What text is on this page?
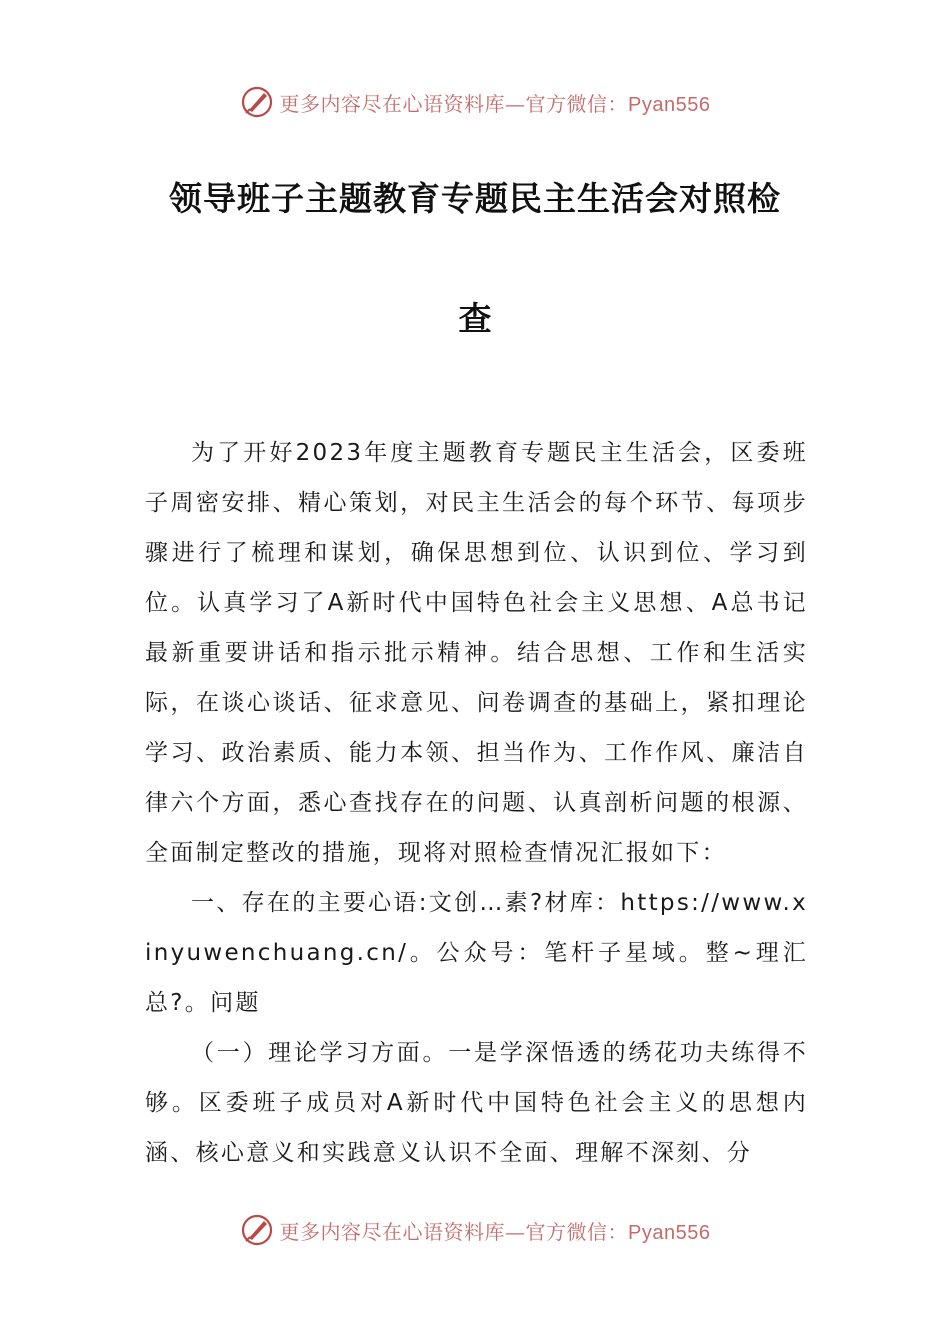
更多内容尽在心语资料库—官方微信：Pyan556
领导班子主题教育专题民主生活会对照检
查

为了开好2023年度主题教育专题民主生活会，区委班子周密安排、精心策划，对民主生活会的每个环节、每项步骤进行了梳理和谋划，确保思想到位、认识到位、学习到位。认真学习了A新时代中国特色社会主义思想、A总书记最新重要讲话和指示批示精神。结合思想、工作和生活实际，在谈心谈话、征求意见、问卷调查的基础上，紧扣理论学习、政治素质、能力本领、担当作为、工作作风、廉洁自律六个方面，悉心查找存在的问题、认真剖析问题的根源、全面制定整改的措施，现将对照检查情况汇报如下：

一、存在的主要心语:文创…素?材库：https://www.xinyuwenchuang.cn/。公众号：笔杆子星域。整~理汇总?。问题

（一）理论学习方面。一是学深悟透的绣花功夫练得不够。区委班子成员对A新时代中国特色社会主义的思想内涵、核心意义和实践意义认识不全面、理解不深刻、分

更多内容尽在心语资料库—官方微信：Pyan556
